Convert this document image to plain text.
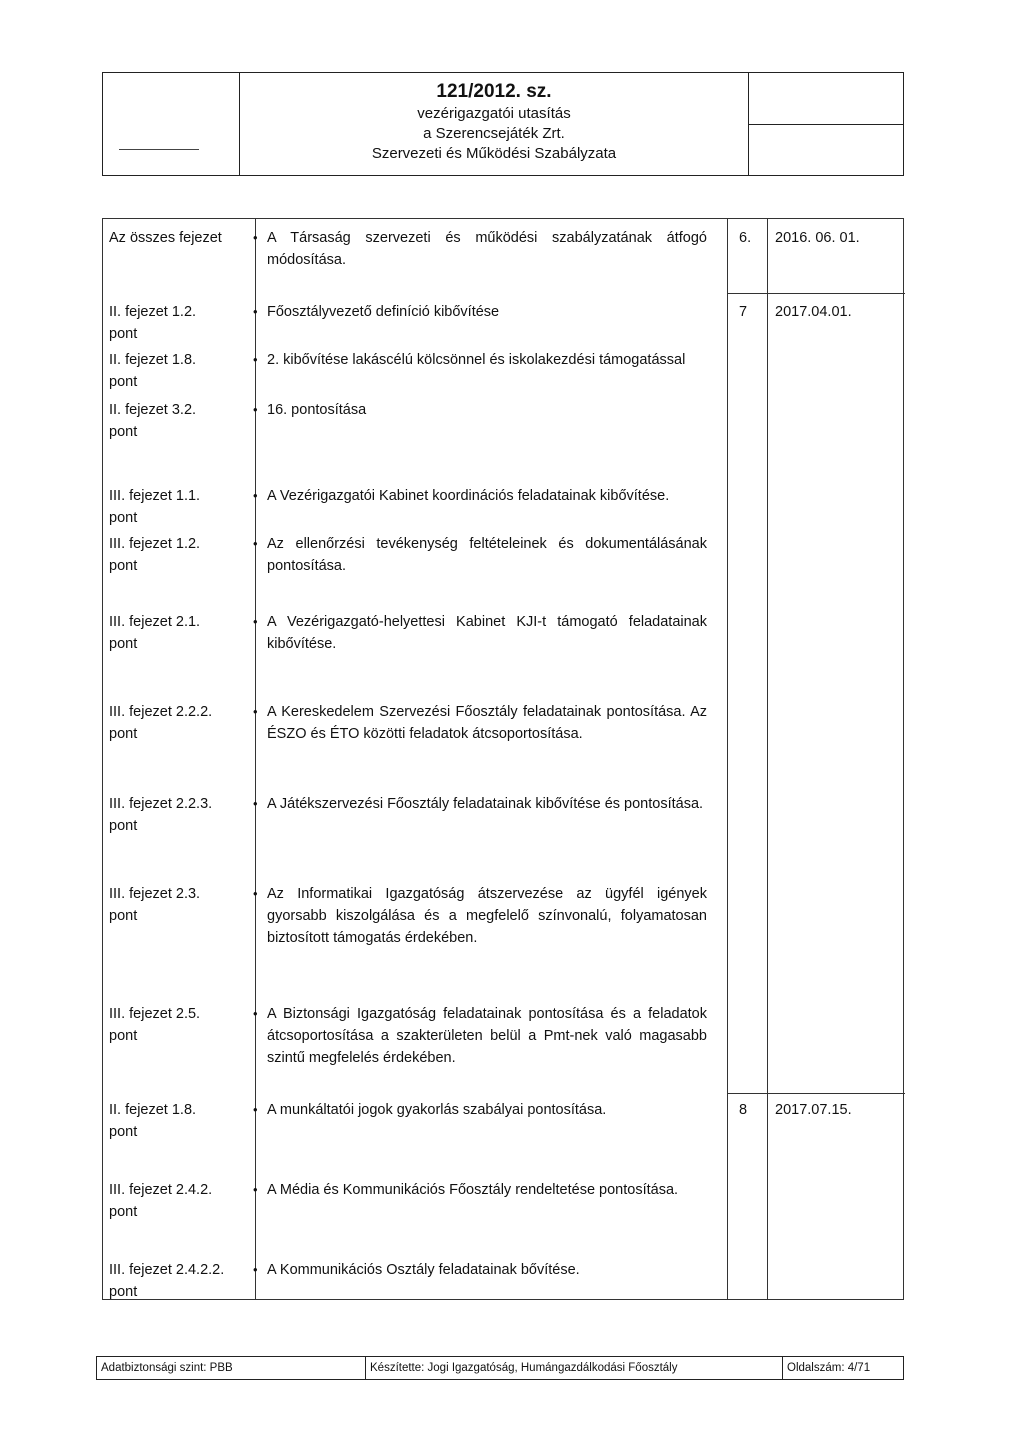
121/2012. sz.
vezérigazgatói utasítás
a Szerencsejáték Zrt.
Szervezeti és Működési Szabályzata
Az összes fejezet	• A Társaság szervezeti és működési szabályzatának átfogó módosítása.
6.	2016. 06. 01.
II. fejezet 1.2.
pont
• Főosztályvezető definíció kibővítése	7	2017.04.01.
II. fejezet 1.8.
pont
• 2. kibővítése lakáscélú kölcsönnel és iskolakezdési támogatással
II. fejezet 3.2.
pont
• 16. pontosítása
III. fejezet 1.1.
pont
• A Vezérigazgatói Kabinet koordinációs feladatainak kibővítése.
III. fejezet 1.2.
pont
• Az ellenőrzési tevékenység feltételeinek és dokumentálásának pontosítása.
III. fejezet 2.1.
pont
• A Vezérigazgató-helyettesi Kabinet KJI-t támogató feladatainak kibővítése.
III. fejezet 2.2.2.
pont
• A Kereskedelem Szervezési Főosztály feladatainak pontosítása. Az ÉSZO és ÉTO közötti feladatok átcsoportosítása.
III. fejezet 2.2.3.
pont
• A Játékszervezési Főosztály feladatainak kibővítése és pontosítása.
III. fejezet 2.3.
pont
• Az Informatikai Igazgatóság átszervezése az ügyfél igények gyorsabb kiszolgálása és a megfelelő színvonalú, folyamatosan biztosított támogatás érdekében.
III. fejezet 2.5.
pont
• A Biztonsági Igazgatóság feladatainak pontosítása és a feladatok átcsoportosítása a szakterületen belül a Pmt-nek való magasabb szintű megfelelés érdekében.
II. fejezet 1.8.
pont
• A munkáltatói jogok gyakorlás szabályai pontosítása.	8	2017.07.15.
III. fejezet 2.4.2.
pont
• A Média és Kommunikációs Főosztály rendeltetése pontosítása.
III. fejezet 2.4.2.2.
pont
• A Kommunikációs Osztály feladatainak bővítése.
Adatbiztonsági szint: PBB	Készítette: Jogi Igazgatóság, Humángazdálkodási Főosztály	Oldalszám: 4/71
